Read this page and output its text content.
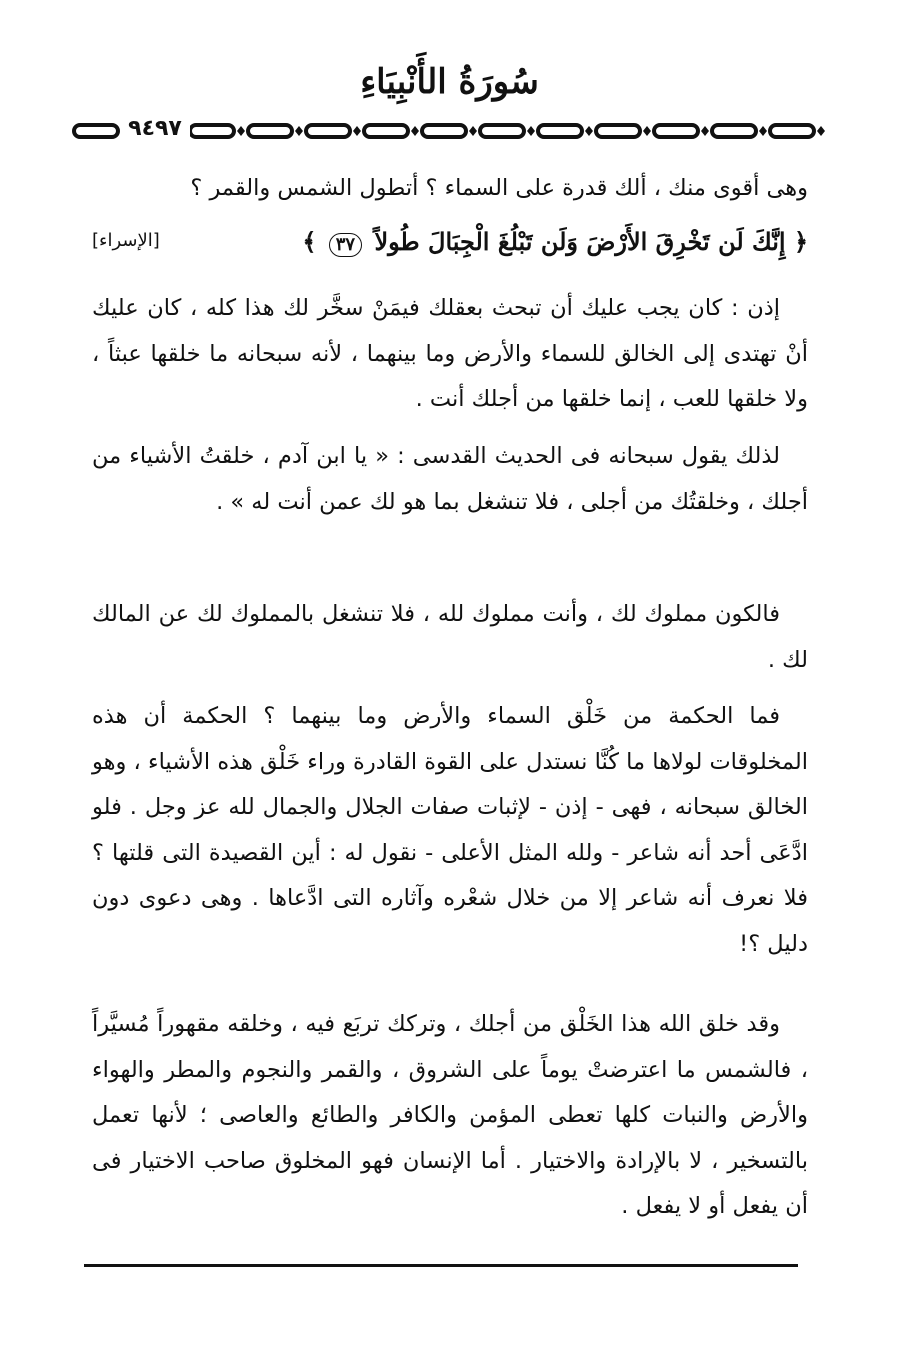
سُورَةُ الأَنْبِيَاءِ
٩٤٩٧
وهى أقوى منك ، ألك قدرة على السماء ؟ أتطول الشمس والقمر ؟
﴿ إِنَّكَ لَن تَخْرِقَ الأَرْضَ وَلَن تَبْلُغَ الْجِبَالَ طُولاً ٣٧ ﴾
[الإسراء]

إذن : كان يجب عليك أن تبحث بعقلك فيمَنْ سخَّر لك هذا كله ، كان عليك أنْ تهتدى إلى الخالق للسماء والأرض وما بينهما ، لأنه سبحانه ما خلقها عبثاً ، ولا خلقها للعب ، إنما خلقها من أجلك أنت .

لذلك يقول سبحانه فى الحديث القدسى : « يا ابن آدم ، خلقتُ الأشياء من أجلك ، وخلقتُك من أجلى ، فلا تنشغل بما هو لك عمن أنت له » .

فالكون مملوك لك ، وأنت مملوك لله ، فلا تنشغل بالمملوك لك عن المالك لك .

فما الحكمة من خَلْق السماء والأرض وما بينهما ؟ الحكمة أن هذه المخلوقات لولاها ما كُنَّا نستدل على القوة القادرة وراء خَلْق هذه الأشياء ، وهو الخالق سبحانه ، فهى - إذن - لإثبات صفات الجلال والجمال لله عز وجل . فلو ادَّعَى أحد أنه شاعر - ولله المثل الأعلى - نقول له : أين القصيدة التى قلتها ؟ فلا نعرف أنه شاعر إلا من خلال شعْره وآثاره التى ادَّعاها . وهى دعوى دون دليل ؟!

وقد خلق الله هذا الخَلْق من أجلك ، وتركك تربَع فيه ، وخلقه مقهوراً مُسيَّراً ، فالشمس ما اعترضتْ يوماً على الشروق ، والقمر والنجوم والمطر والهواء والأرض والنبات كلها تعطى المؤمن والكافر والطائع والعاصى ؛ لأنها تعمل بالتسخير ، لا بالإرادة والاختيار . أما الإنسان فهو المخلوق صاحب الاختيار فى أن يفعل أو لا يفعل .
